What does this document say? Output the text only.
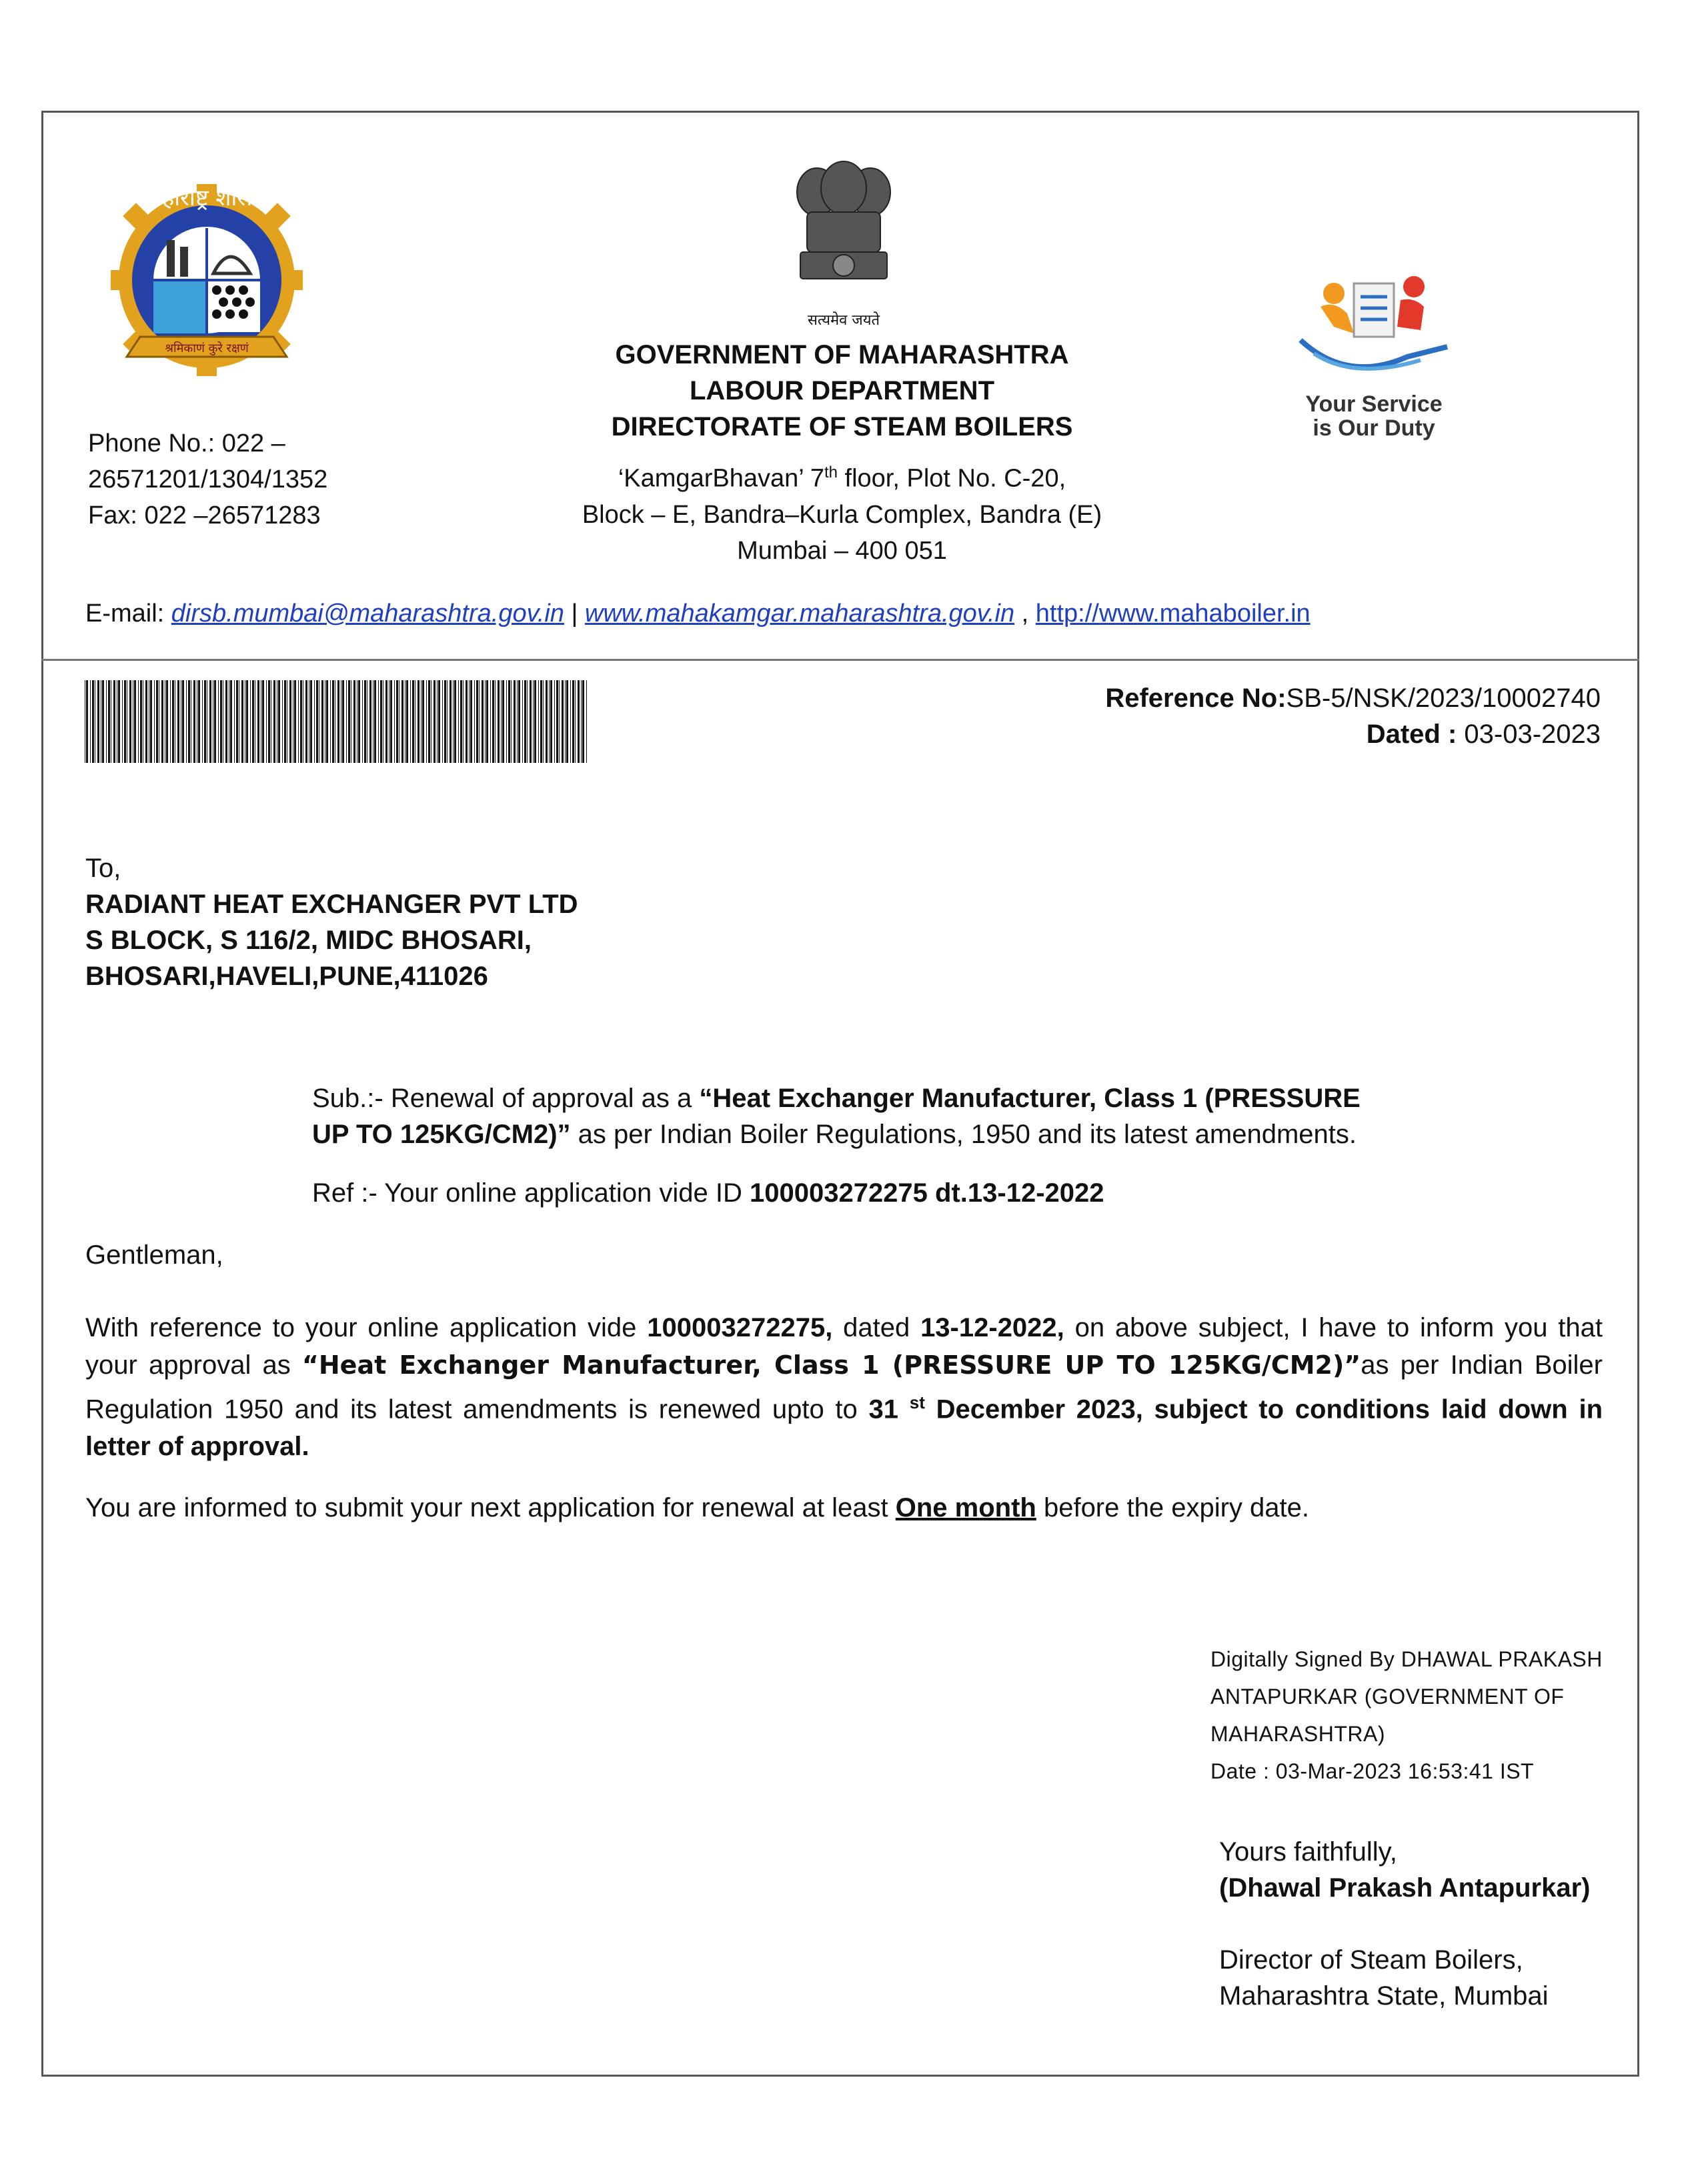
श्रमिकाणं कुरे रक्षणं
महाराष्ट्र शासन
सत्यमेव जयते
Your Service
is Our Duty
GOVERNMENT OF MAHARASHTRA
LABOUR DEPARTMENT
DIRECTORATE OF STEAM BOILERS
‘KamgarBhavan’ 7th floor, Plot No. C-20,
Block – E, Bandra–Kurla Complex, Bandra (E)
Mumbai – 400 051
Phone No.: 022 –
26571201/1304/1352
Fax: 022 –26571283
E-mail: dirsb.mumbai@maharashtra.gov.in | www.mahakamgar.maharashtra.gov.in , http://www.mahaboiler.in
Reference No:SB-5/NSK/2023/10002740
Dated : 03-03-2023
To,
RADIANT HEAT EXCHANGER PVT LTD
S BLOCK, S 116/2, MIDC BHOSARI,
BHOSARI,HAVELI,PUNE,411026
Sub.:- Renewal of approval as a “Heat Exchanger Manufacturer, Class 1 (PRESSURE
UP TO 125KG/CM2)” as per Indian Boiler Regulations, 1950 and its latest amendments.
Ref :- Your online application vide ID 100003272275 dt.13-12-2022
Gentleman,
With reference to your online application vide 100003272275, dated 13-12-2022, on above subject, I have to inform you that your approval as “Heat Exchanger Manufacturer, Class 1 (PRESSURE UP TO 125KG/CM2)”as per Indian Boiler Regulation 1950 and its latest amendments is renewed upto to 31 $^{st}$ December 2023, subject to conditions laid down in letter of approval.
You are informed to submit your next application for renewal at least One month before the expiry date.
Digitally Signed By DHAWAL PRAKASH
ANTAPURKAR (GOVERNMENT OF
MAHARASHTRA)
Date : 03-Mar-2023 16:53:41 IST
Yours faithfully,
(Dhawal Prakash Antapurkar)
Director of Steam Boilers,
Maharashtra State, Mumbai
